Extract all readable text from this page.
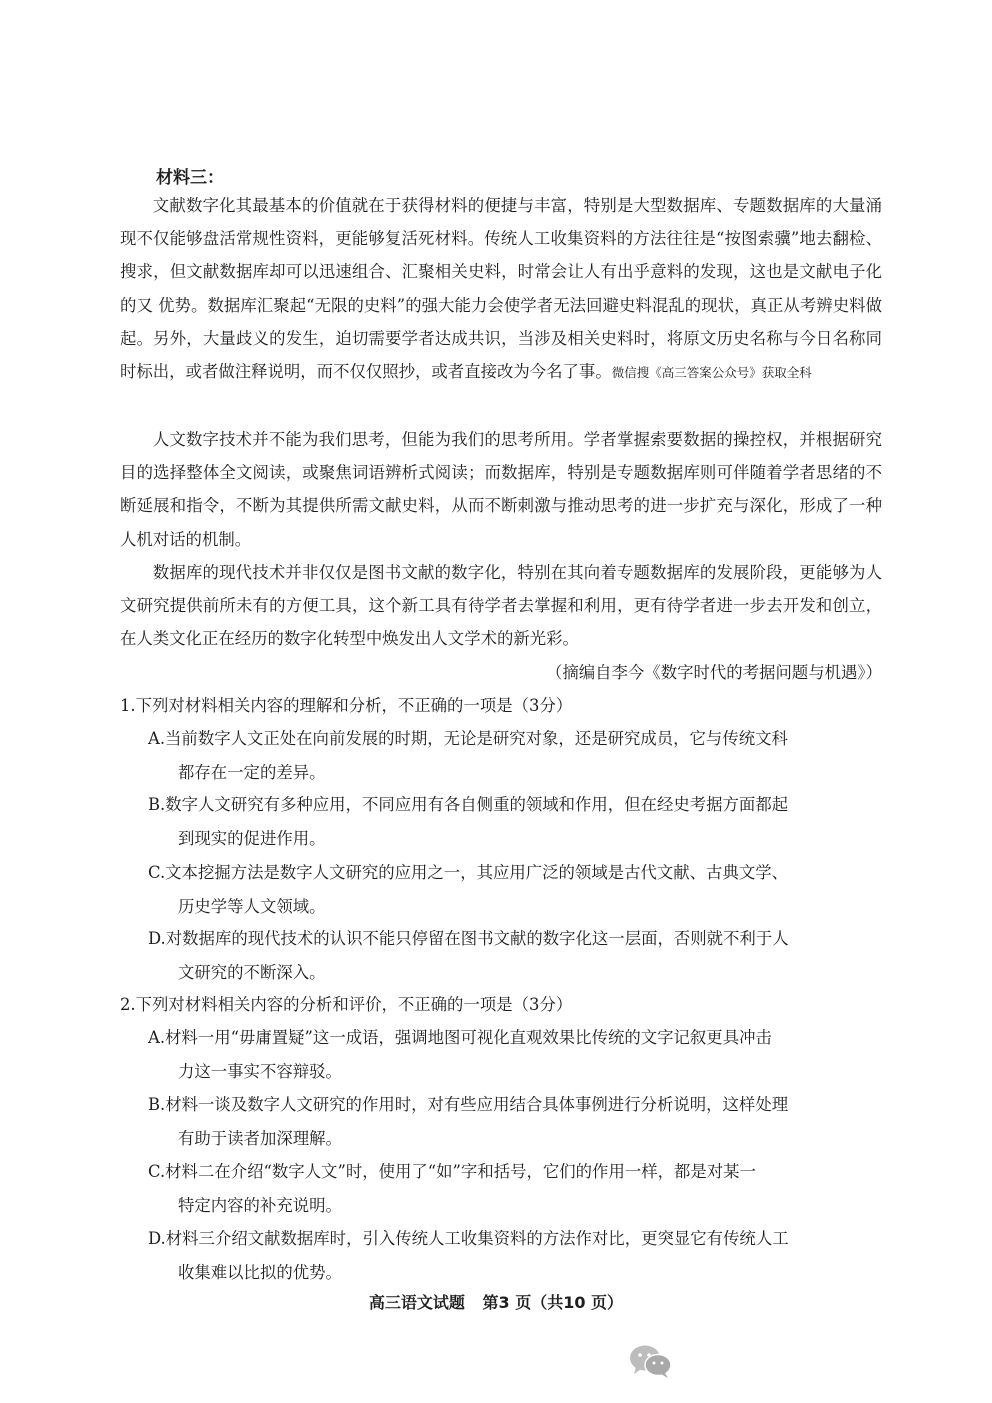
材料三：

文献数字化其最基本的价值就在于获得材料的便捷与丰富，特别是大型数据库、专题数据库的大量涌现不仅能够盘活常规性资料，更能够复活死材料。传统人工收集资料的方法往往是“按图索骥”地去翻检、搜求，但文献数据库却可以迅速组合、汇聚相关史料，时常会让人有出乎意料的发现，这也是文献电子化的又 优势。数据库汇聚起“无限的史料”的强大能力会使学者无法回避史料混乱的现状，真正从考辨史料做起。另外，大量歧义的发生，迫切需要学者达成共识，当涉及相关史料时，将原文历史名称与今日名称同时标出，或者做注释说明，而不仅仅照抄，或者直接改为今名了事。微信搜《高三答案公众号》获取全科

人文数字技术并不能为我们思考，但能为我们的思考所用。学者掌握索要数据的操控权，并根据研究目的选择整体全文阅读，或聚焦词语辨析式阅读；而数据库，特别是专题数据库则可伴随着学者思绪的不断延展和指令，不断为其提供所需文献史料，从而不断刺激与推动思考的进一步扩充与深化，形成了一种人机对话的机制。

数据库的现代技术并非仅仅是图书文献的数字化，特别在其向着专题数据库的发展阶段，更能够为人文研究提供前所未有的方便工具，这个新工具有待学者去掌握和利用，更有待学者进一步去开发和创立，在人类文化正在经历的数字化转型中焕发出人文学术的新光彩。

（摘编自李今《数字时代的考据问题与机遇》）

1.下列对材料相关内容的理解和分析，不正确的一项是（3分）

A.当前数字人文正处在向前发展的时期，无论是研究对象，还是研究成员，它与传统文科
都存在一定的差异。

B.数字人文研究有多种应用，不同应用有各自侧重的领域和作用，但在经史考据方面都起
到现实的促进作用。

C.文本挖掘方法是数字人文研究的应用之一，其应用广泛的领域是古代文献、古典文学、
历史学等人文领域。

D.对数据库的现代技术的认识不能只停留在图书文献的数字化这一层面，否则就不利于人
文研究的不断深入。

2.下列对材料相关内容的分析和评价，不正确的一项是（3分）

A.材料一用“毋庸置疑”这一成语，强调地图可视化直观效果比传统的文字记叙更具冲击
力这一事实不容辩驳。

B.材料一谈及数字人文研究的作用时，对有些应用结合具体事例进行分析说明，这样处理
有助于读者加深理解。

C.材料二在介绍“数字人文”时，使用了“如”字和括号，它们的作用一样，都是对某一
特定内容的补充说明。

D.材料三介绍文献数据库时，引入传统人工收集资料的方法作对比，更突显它有传统人工
收集难以比拟的优势。

高三语文试题 第3 页（共10 页）
